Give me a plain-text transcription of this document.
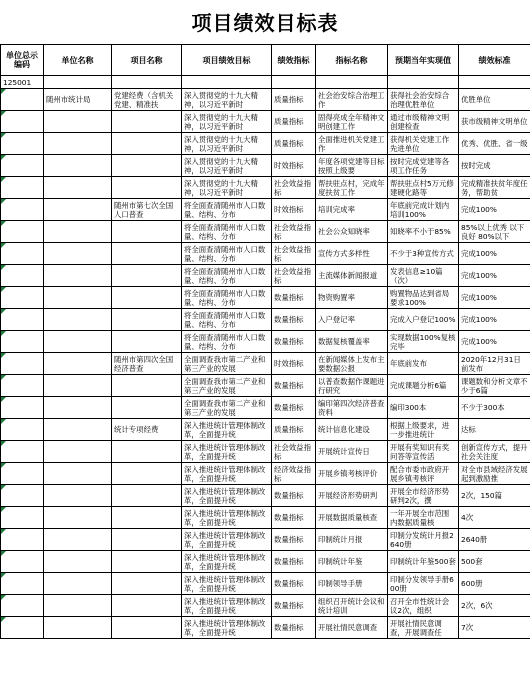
项目绩效目标表
单位总示编码	单位名称	项目名称	项目绩效目标	绩效指标	指标名称	预期当年实现值	绩效标准
125001							

	随州市统计局	党建经费（含机关党建、精准扶	深入贯彻党的十九大精神，以习近平新时	质量指标	社会治安综合治理工作	获得社会治安综合治理优胜单位	优胜单位

			深入贯彻党的十九大精神，以习近平新时	质量指标	固得亮成全年精神文明创建工作	通过市级精神文明创建检查	获市级精神文明单位

			深入贯彻党的十九大精神，以习近平新时	质量指标	全面推进机关党建工作	获得机关党建工作先进单位	优秀、优胜、省一级

			深入贯彻党的十九大精神，以习近平新时	时效指标	年度各项党建等目标按照上级要	按时完成党建等各项工作任务	按时完成

			深入贯彻党的十九大精神，以习近平新时	社会效益指标	帮扶驻点村，完成年度扶贫工作	帮扶驻点村5万元修建硬化路等	完成精准扶贫年度任务，帮助贫

		随州市第七次全国人口普查	将全面查清随州市人口数量、结构、分布	时效指标	培训完成率	年底前完成计划内培训100%	完成100%

			将全面查清随州市人口数量、结构、分布	社会效益指标	社会公众知晓率	知晓率不小于85%	85%以上优秀 以下良好 80%以下

			将全面查清随州市人口数量、结构、分布	社会效益指标	宣传方式多样性	不少于3种宣传方式	完成100%

			将全面查清随州市人口数量、结构、分布	社会效益指标	主流媒体新闻报道	发表信息≥10篇（次）	完成100%

			将全面查清随州市人口数量、结构、分布	数量指标	物资购置率	购置物品达到省局要求100%	完成100%

			将全面查清随州市人口数量、结构、分布	数量指标	入户登记率	完成入户登记100%	完成100%

			将全面查清随州市人口数量、结构、分布	数量指标	数据复核覆盖率	实现数据100%复核完毕	完成100%

		随州市第四次全国经济普查	全面调查我市第二产业和第三产业的发展	时效指标	在新闻媒体上发布主要数据公报	年底前发布	2020年12月31日前发布

			全面调查我市第二产业和第三产业的发展	数量指标	以普查数据作课题进行研究	完成课题分析6篇	课题数和分析文章不少于6篇

			全面调查我市第二产业和第三产业的发展	数量指标	编印第四次经济普查资料	编印300本	不少于300本

		统计专项经费	深入推进统计管理体制改革，全面提升统	质量指标	统计信息化建设	根据上级要求，进一步推进统计	达标

			深入推进统计管理体制改革，全面提升统	社会效益指标	开展统计宣传日	开展有奖知识有奖问答等宣传活	创新宣传方式，提升社会关注度

			深入推进统计管理体制改革，全面提升统	经济效益指标	开展乡镇考核评价	配合市委市政府开展乡镇考核评	对全市县域经济发展起到激励推

			深入推进统计管理体制改革，全面提升统	数量指标	开展经济形势研判	开展全市经济形势研判2次，撰	2次，150篇

			深入推进统计管理体制改革，全面提升统	数量指标	开展数据质量核查	一年开展全市范围内数据质量核	4次

			深入推进统计管理体制改革，全面提升统	数量指标	印制统计月报	印制分发统计月报2640册	2640册

			深入推进统计管理体制改革，全面提升统	数量指标	印制统计年鉴	印制统计年鉴500套	500套

			深入推进统计管理体制改革，全面提升统	数量指标	印制领导手册	印制分发领导手册600册	600册

			深入推进统计管理体制改革，全面提升统	数量指标	组织召开统计会议和统计培训	召开全市性统计会议2次，组织	2次，6次

			深入推进统计管理体制改革，全面提升统	数量指标	开展社情民意调查	开展社情民意调查，开展调查任	7次
